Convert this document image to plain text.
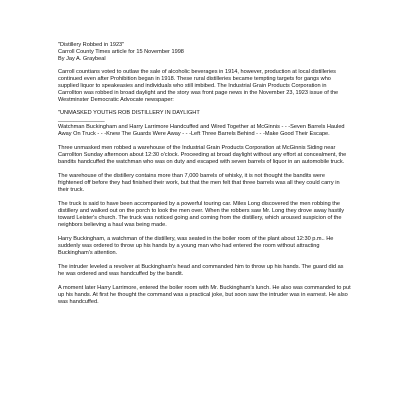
"Distillery Robbed in 1923"

Carroll County Times article for 15 November 1998

By Jay A. Graybeal

Carroll countians voted to outlaw the sale of alcoholic beverages in 1914, however, production at local distilleries continued even after Prohibition began in 1918. These rural distilleries became tempting targets for gangs who supplied liquor to speakeasies and individuals who still imbibed. The Industrial Grain Products Corporation in Carrollton was robbed in broad daylight and the story was front page news in the November 23, 1923 issue of the Westminster Democratic Advocate newspaper:

"UNMASKED YOUTHS ROB DISTILLERY IN DAYLIGHT

_______________

Watchman Buckingham and Harry Larrimore Handcuffed and Wired Together at McGinnis - - -Seven Barrels Hauled Away On Truck - - -Knew The Guards Were Away - - -Left Three Barrels Behind - - -Make Good Their Escape.

Three unmasked men robbed a warehouse of the Industrial Grain Products Corporation at McGinnis Siding near Carrollton Sunday afternoon about 12:30 o'clock. Proceeding at broad daylight without any effort at concealment, the bandits handcuffed the watchman who was on duty and escaped with seven barrels of liquor in an automobile truck.

The warehouse of the distillery contains more than 7,000 barrels of whisky, it is not thought the bandits were frightened off before they had finished their work, but that the men felt that three barrels was all they could carry in their truck.

The truck is said to have been accompanied by a powerful touring car. Miles Long discovered the men robbing the distillery and walked out on the porch to look the men over. When the robbers saw Mr. Long they drove away hastily toward Leister's church. The truck was noticed going and coming from the distillery, which aroused suspicion of the neighbors believing a haul was being made.

Harry Buckingham, a watchman of the distillery, was seated in the boiler room of the plant about 12:30 p.m.. He suddenly was ordered to throw up his hands by a young man who had entered the room without attracting Buckingham's attention.

The intruder leveled a revolver at Buckingham's head and commanded him to throw up his hands. The guard did as he was ordered and was handcuffed by the bandit.

A moment later Harry Larrimore, entered the boiler room with Mr. Buckingham's lunch. He also was commanded to put up his hands. At first he thought the command was a practical joke, but soon saw the intruder was in earnest. He also was handcuffed.
